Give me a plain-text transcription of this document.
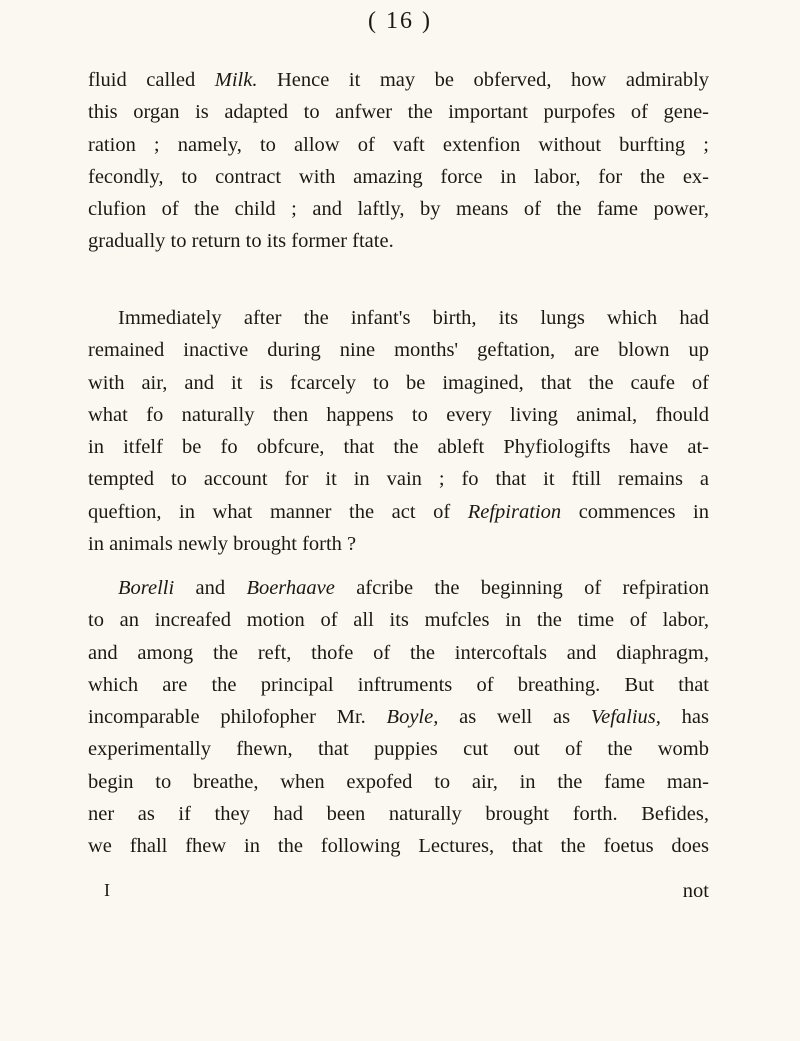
( 16 )
fluid called Milk. Hence it may be obferved, how admirably
this organ is adapted to anfwer the important purpofes of gene-
ration ; namely, to allow of vaft extenfion without burfting ;
fecondly, to contract with amazing force in labor, for the ex-
clufion of the child ; and laftly, by means of the fame power,
gradually to return to its former ftate.
Immediately after the infant's birth, its lungs which had
remained inactive during nine months' geftation, are blown up
with air, and it is fcarcely to be imagined, that the caufe of
what fo naturally then happens to every living animal, fhould
in itfelf be fo obfcure, that the ableft Phyfiologifts have at-
tempted to account for it in vain ; fo that it ftill remains a
queftion, in what manner the act of Refpiration commences in
in animals newly brought forth ?
Borelli and Boerhaave afcribe the beginning of refpiration
to an increafed motion of all its mufcles in the time of labor,
and among the reft, thofe of the intercoftals and diaphragm,
which are the principal inftruments of breathing. But that
incomparable philofopher Mr. Boyle, as well as Vefalius, has
experimentally fhewn, that puppies cut out of the womb
begin to breathe, when expofed to air, in the fame man-
ner as if they had been naturally brought forth. Befides,
we fhall fhew in the following Lectures, that the foetus does
I	not
